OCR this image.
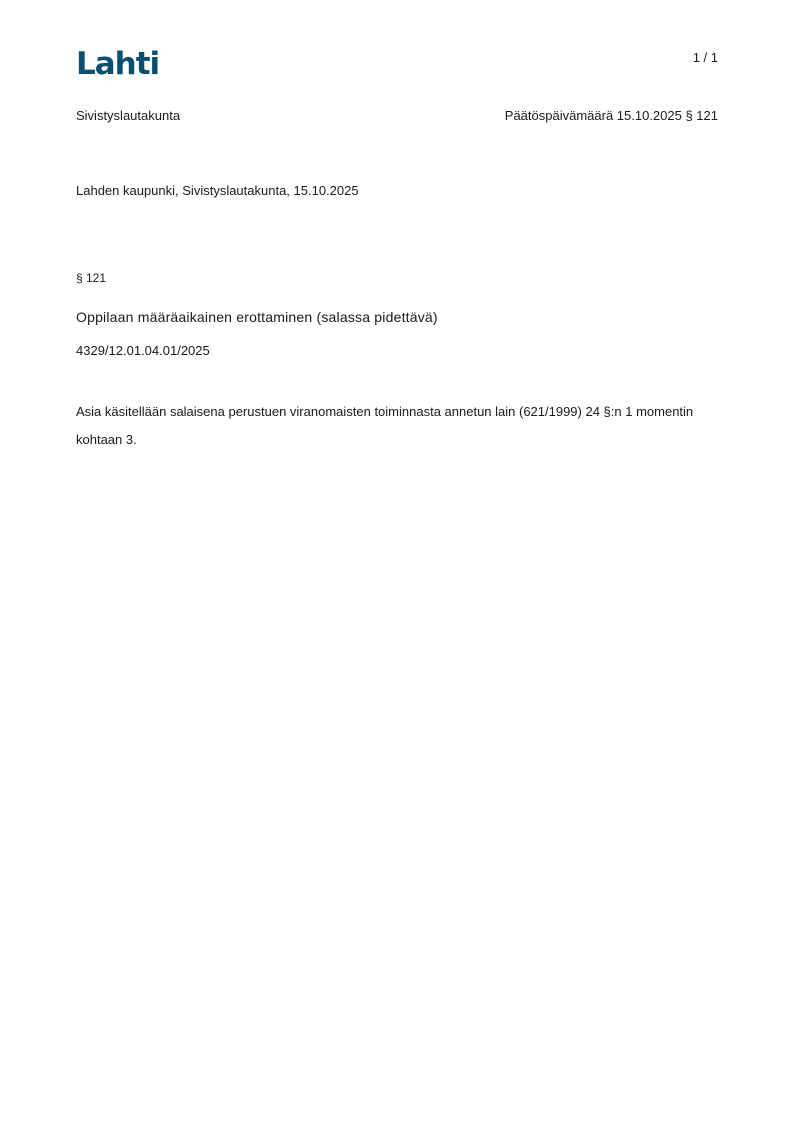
Lahti	1 / 1
Sivistyslautakunta	Päätöspäivämäärä 15.10.2025 § 121
Lahden kaupunki, Sivistyslautakunta, 15.10.2025
§ 121
Oppilaan määräaikainen erottaminen (salassa pidettävä)
4329/12.01.04.01/2025
Asia käsitellään salaisena perustuen viranomaisten toiminnasta annetun lain (621/1999) 24 §:n 1 momentin kohtaan 3.
